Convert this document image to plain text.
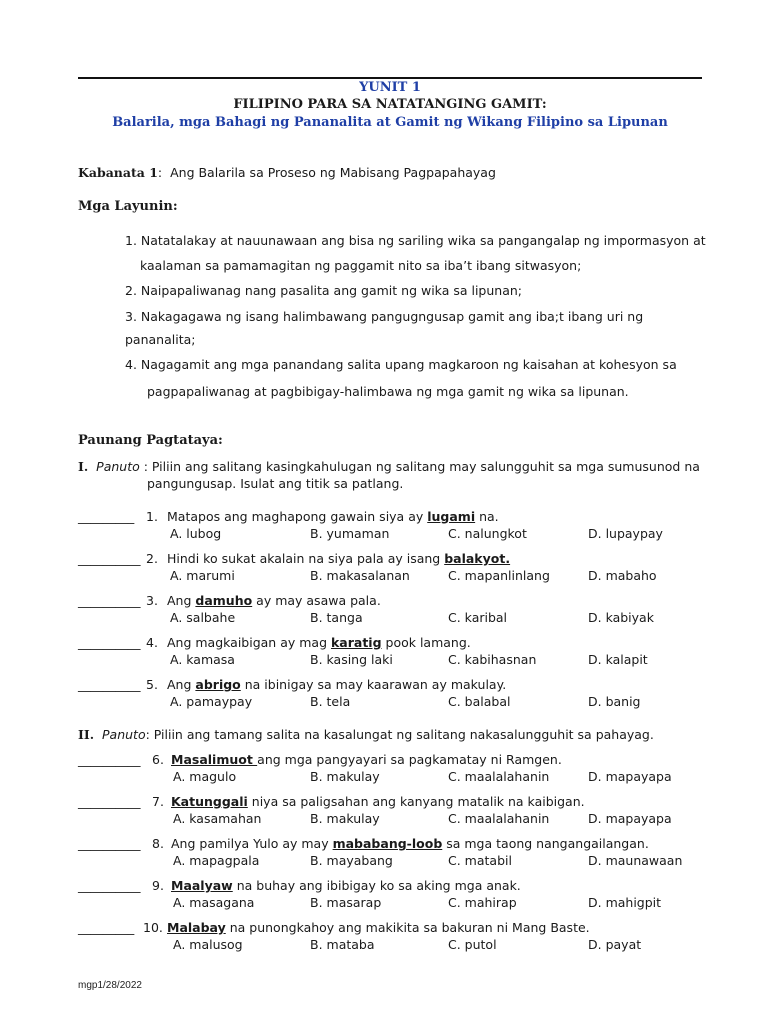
YUNIT 1
FILIPINO PARA SA NATATANGING GAMIT:
Balarila, mga Bahagi ng Pananalita at Gamit ng Wikang Filipino sa Lipunan
Kabanata 1: Ang Balarila sa Proseso ng Mabisang Pagpapahayag
Mga Layunin:
1. Natatalakay at nauunawaan ang bisa ng sariling wika sa pangangalap ng impormasyon at
kaalaman sa pamamagitan ng paggamit nito sa iba’t ibang sitwasyon;
2. Naipapaliwanag nang pasalita ang gamit ng wika sa lipunan;
3. Nakagagawa ng isang halimbawang pangugngusap gamit ang iba;t ibang uri ng
pananalita;
4. Nagagamit ang mga panandang salita upang magkaroon ng kaisahan at kohesyon sa
pagpapaliwanag at pagbibigay-halimbawa ng mga gamit ng wika sa lipunan.
Paunang Pagtataya:
I. Panuto : Piliin ang salitang kasingkahulugan ng salitang may salungguhit sa mga sumusunod na
pangungusap. Isulat ang titik sa patlang.
_________ 1. Matapos ang maghapong gawain siya ay lugami na.
A. lubog	B. yumaman	C. nalungkot	D. lupaypay
__________ 2. Hindi ko sukat akalain na siya pala ay isang balakyot.
A. marumi	B. makasalanan	C. mapanlinlang	D. mabaho
__________ 3. Ang damuho ay may asawa pala.
A. salbahe	B. tanga	C. karibal	D. kabiyak
__________ 4. Ang magkaibigan ay mag karatig pook lamang.
A. kamasa	B. kasing laki	C. kabihasnan	D. kalapit
__________ 5. Ang abrigo na ibinigay sa may kaarawan ay makulay.
A. pamaypay	B. tela	C. balabal	D. banig
II. Panuto: Piliin ang tamang salita na kasalungat ng salitang nakasalungguhit sa pahayag.
__________ 6. Masalimuot ang mga pangyayari sa pagkamatay ni Ramgen.
A. magulo	B. makulay	C. maalalahanin	D. mapayapa
__________ 7. Katunggali niya sa paligsahan ang kanyang matalik na kaibigan.
A. kasamahan	B. makulay	C. maalalahanin	D. mapayapa
__________ 8. Ang pamilya Yulo ay may mababang-loob sa mga taong nangangailangan.
A. mapagpala	B. mayabang	C. matabil	D. maunawaan
__________ 9. Maalyaw na buhay ang ibibigay ko sa aking mga anak.
A. masagana	B. masarap	C. mahirap	D. mahigpit
_________ 10. Malabay na punongkahoy ang makikita sa bakuran ni Mang Baste.
A. malusog	B. mataba	C. putol	D. payat
mgp1/28/2022
